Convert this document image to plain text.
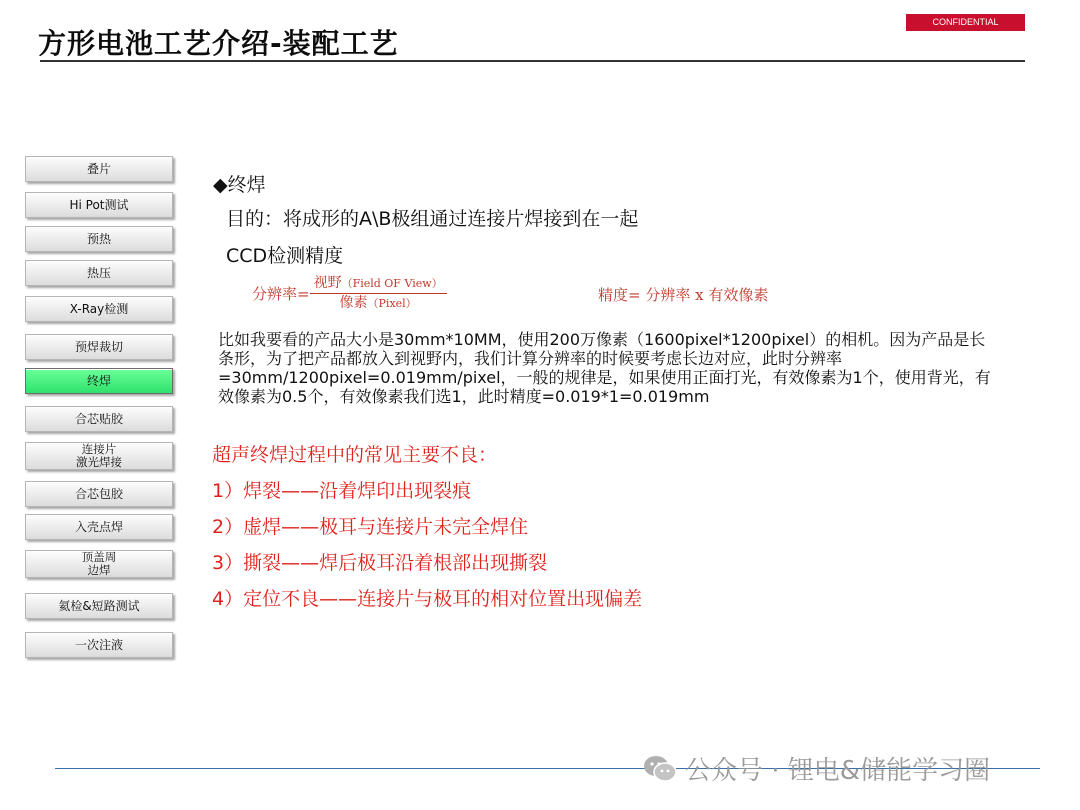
方形电池工艺介绍-装配工艺
CONFIDENTIAL
叠片
Hi Pot测试
预热
热压
X-Ray检测
预焊裁切
终焊
合芯贴胶
连接片
激光焊接
合芯包胶
入壳点焊
顶盖周
边焊
氦检&短路测试
一次注液
◆终焊
目的：将成形的A\B极组通过连接片焊接到在一起
CCD检测精度
分辨率= $\frac{\text{视野（Field OF View）}}{\text{像素（Pixel）}}$	精度= 分辨率 x 有效像素
比如我要看的产品大小是30mm*10MM，使用200万像素（1600pixel*1200pixel）的相机。因为产品是长条形，为了把产品都放入到视野内，我们计算分辨率的时候要考虑长边对应，此时分辨率=30mm/1200pixel=0.019mm/pixel，一般的规律是，如果使用正面打光，有效像素为1个，使用背光，有效像素为0.5个，有效像素我们选1，此时精度=0.019*1=0.019mm
超声终焊过程中的常见主要不良：
1）焊裂——沿着焊印出现裂痕
2）虚焊——极耳与连接片未完全焊住
3）撕裂——焊后极耳沿着根部出现撕裂
4）定位不良——连接片与极耳的相对位置出现偏差
公众号 · 锂电&储能学习圈
